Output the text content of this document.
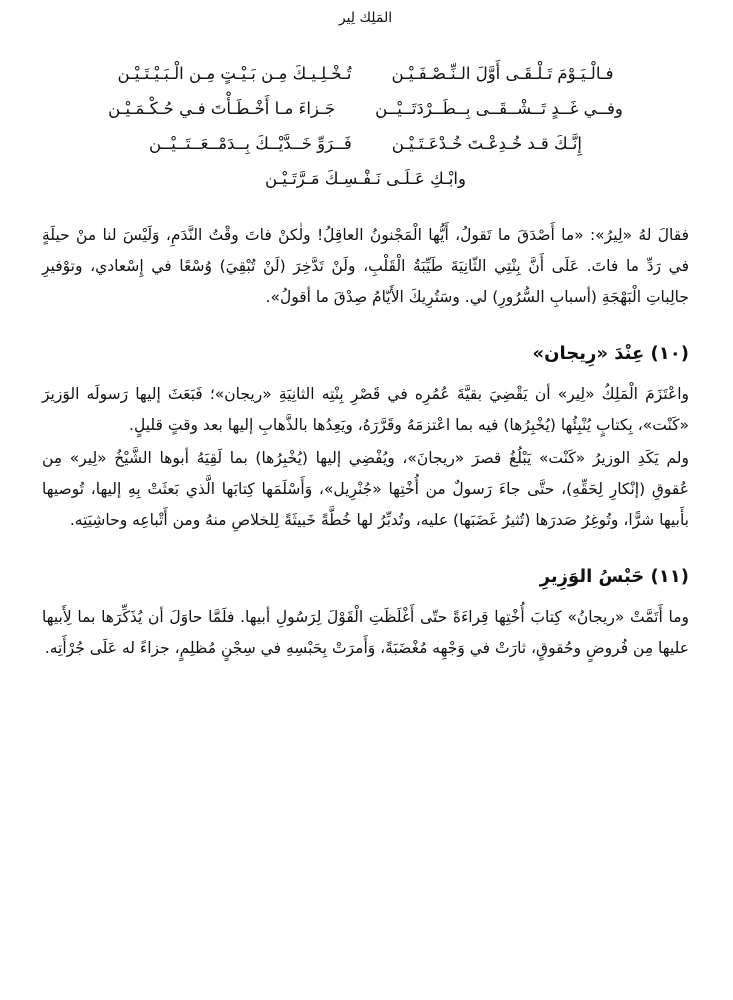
المَلِك لِير
فـالْـيَـوْمَ تَـلْـقَـى أَوَّلَ الـنِّـصْـفَـيْـن
تُـخْـلِـيـكَ مِـن بَـيْـتٍ مِـن الْـبَـيْـتَـيْـن
وفــي غَــدٍ تَــشْــقَــى بِــطَــرْدَتَــيْــن
جَـزاءَ مـا أَخْـطَـأْتَ فـي حُـكْـمَـيْـن
إِنَّـكَ قـد خُـدِعْـتَ خُـدْعَـتَـيْـن
فَــرَوِّ خَــدَّيْــكَ بِــدَمْــعَــتَــيْــن
وابْـكِ عَـلَـى نَـفْـسِـكَ مَـرَّتَـيْـن

فقالَ لهُ «لِيرُ»: «ما أَصْدَقَ ما تَقولُ، أَيُّها الْمَجْنونُ العاقِلُ! ولٰكنْ فاتَ وقْتُ النَّدَمِ، وَلَيْسَ لنا منْ حيلَةٍ في رَدِّ ما فاتَ. عَلَى أَنَّ بِنْتِي الثّانِيَةَ طَيِّبَةُ الْقَلْبِ، ولَنْ تَدَّخِرَ (لَنْ تُبْقِيَ) وُسْعًا في إِسْعادي، وتوْفيرِ جالِباتِ الْبَهْجَةِ (أسبابِ السُّرُورِ) لي. وسَتُرِيكَ الأَيّامُ صِدْقَ ما أقولُ».

(١٠) عِنْدَ «رِيجان»

واعْتَزَمَ الْمَلِكُ «لِير» أن يَقْضِيَ بقيَّةَ عُمُرِه في قَصْرِ بِنْتِه الثانِيَةِ «ريجان»؛ فَبَعَثَ إليها رَسولَه الوَزيرَ «كَنْت»، بِكتابٍ يُنْبِئُها (يُخْبِرُها) فيه بما اعْتزمَهُ وقَرَّرَهُ، ويَعِدُها بالذَّهابِ إليها بعد وقتٍ قليلٍ.

ولم يَكَدِ الوزيرُ «كَنْت» يَبْلُغُ قصرَ «ريجانَ»، ويُفْضِي إليها (يُخْبِرُها) بما لَقِيَهُ أبوها الشَّيْخُ «لِير» مِن عُقوقِ (إنْكارِ لِحَقِّهِ)، حتَّى جاءَ رَسولٌ من أُخْتِها «جُنْرِيل»، وَأَسْلَمَها كِتابَها الَّذي بَعثَتْ بِهِ إليها، تُوصيها بأَبيها شرًّا، وتُوغِرُ صَدرَها (تُثيرُ غَضَبَها) عليه، وتُدبِّرُ لها خُطَّةً خَبيثَةً لِلخلاصِ منهُ ومن أَتْباعِه وحاشِيَتِه.

(١١) حَبْسُ الوَزِيرِ

وما أَتَمَّتْ «ريجانُ» كِتابَ أُخْتِها قِراءَةً حتّى أَغْلَظَتِ الْقَوْلَ لِرَسُولِ أبيها. فلَمَّا حاوَلَ أن يُذَكِّرَها بما لِأَبيها عليها مِن فُروضٍ وحُقوقٍ، ثارَتْ في وَجْهِه مُغْضَبَةً، وَأَمرَتْ بِحَبْسِهِ في سِجْنٍ مُظلِمٍ، جزاءً له عَلَى جُرْأَتِه.
